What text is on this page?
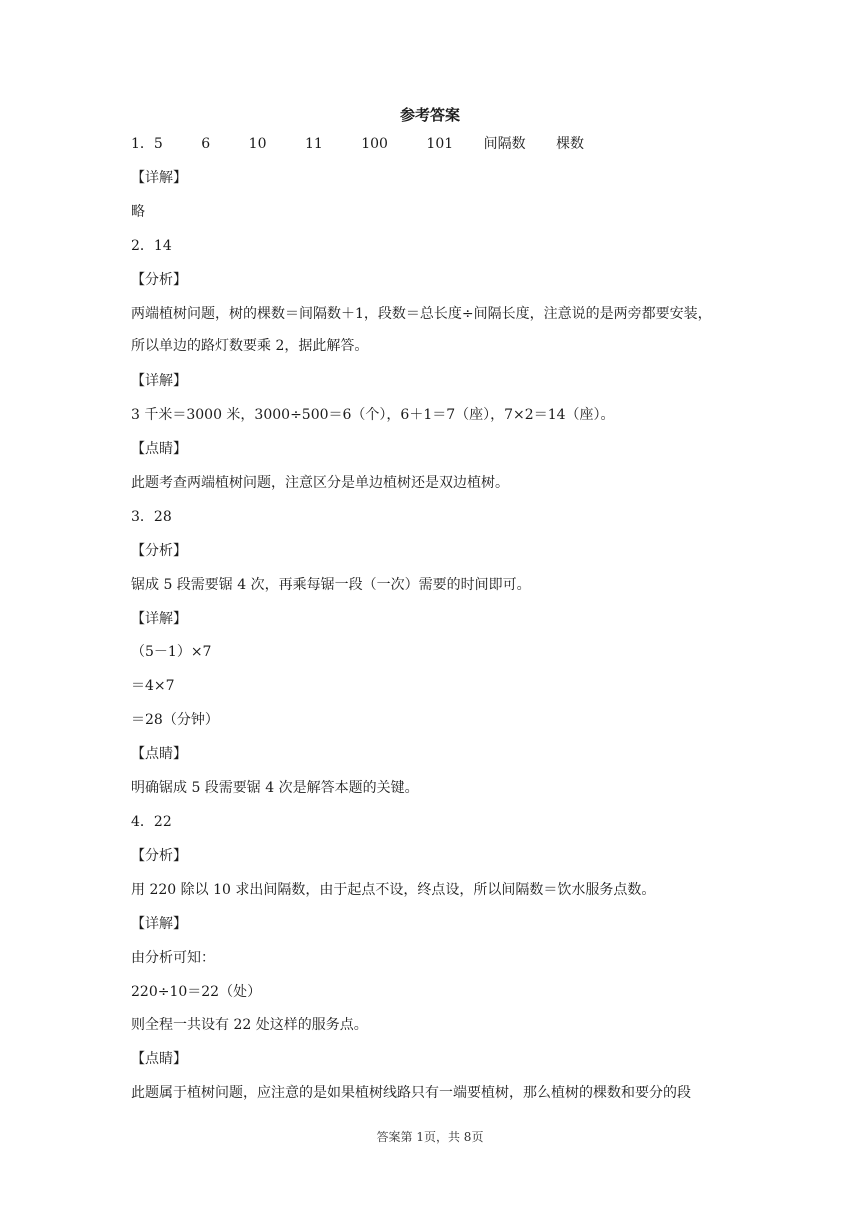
参考答案
1．5	6	10	11	100	101 间隔数 棵数
【详解】
略
2．14
【分析】
两端植树问题，树的棵数＝间隔数＋1，段数＝总长度÷间隔长度，注意说的是两旁都要安装，
所以单边的路灯数要乘 2，据此解答。
【详解】
3 千米＝3000 米，3000÷500＝6（个），6＋1＝7（座），7×2＝14（座）。
【点睛】
此题考查两端植树问题，注意区分是单边植树还是双边植树。
3．28
【分析】
锯成 5 段需要锯 4 次，再乘每锯一段（一次）需要的时间即可。
【详解】
（5－1）×7
＝4×7
＝28（分钟）
【点睛】
明确锯成 5 段需要锯 4 次是解答本题的关键。
4．22
【分析】
用 220 除以 10 求出间隔数，由于起点不设，终点设，所以间隔数＝饮水服务点数。
【详解】
由分析可知：
220÷10＝22（处）
则全程一共设有 22 处这样的服务点。
【点睛】
此题属于植树问题，应注意的是如果植树线路只有一端要植树，那么植树的棵数和要分的段
答案第 1页，共 8页
